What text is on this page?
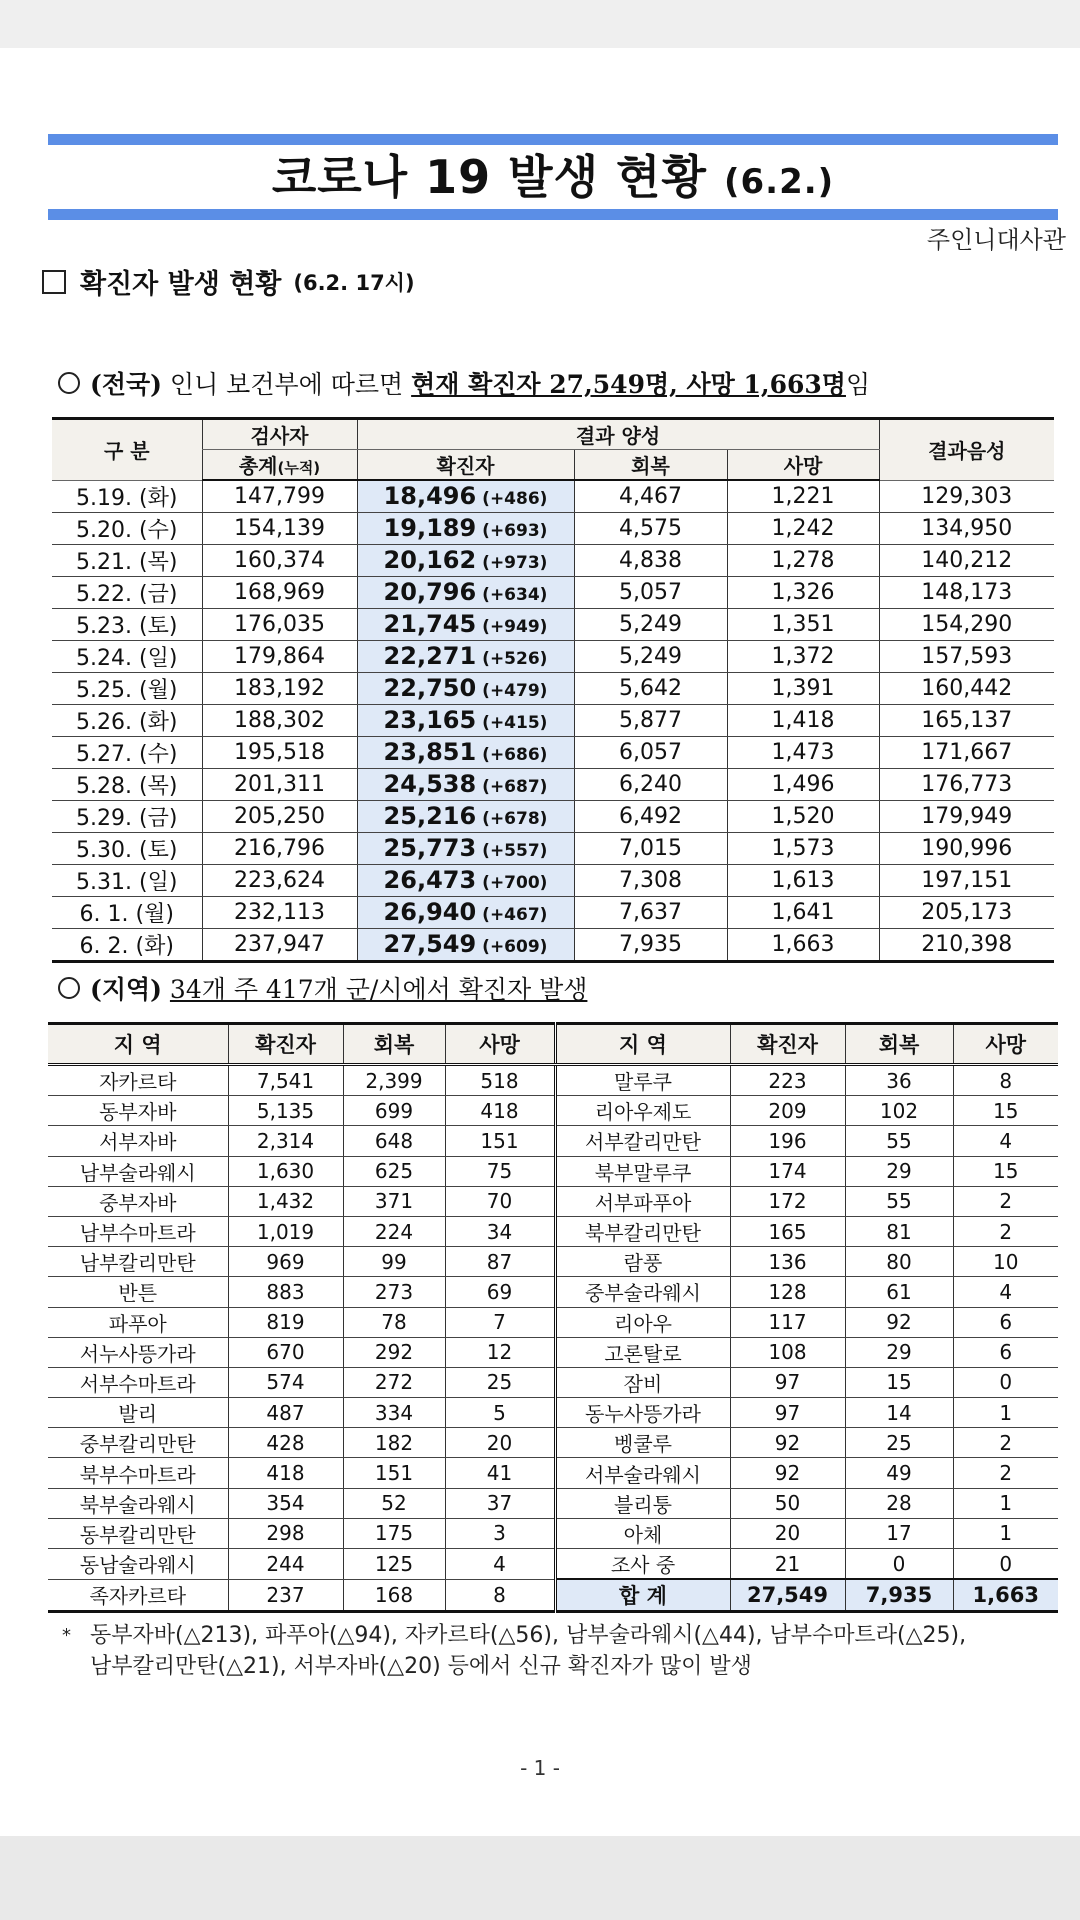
코로나 19 발생 현황 (6.2.)
주인니대사관
확진자 발생 현황 (6.2. 17시)
(전국) 인니 보건부에 따르면 현재 확진자 27,549명, 사망 1,663명임
구 분	검사자	결과 양성			결과음성
	총계(누적)	확진자	회복	사망	
5.19. (화)	147,799	18,496 (+486)	4,467	1,221	129,303
5.20. (수)	154,139	19,189 (+693)	4,575	1,242	134,950
5.21. (목)	160,374	20,162 (+973)	4,838	1,278	140,212
5.22. (금)	168,969	20,796 (+634)	5,057	1,326	148,173
5.23. (토)	176,035	21,745 (+949)	5,249	1,351	154,290
5.24. (일)	179,864	22,271 (+526)	5,249	1,372	157,593
5.25. (월)	183,192	22,750 (+479)	5,642	1,391	160,442
5.26. (화)	188,302	23,165 (+415)	5,877	1,418	165,137
5.27. (수)	195,518	23,851 (+686)	6,057	1,473	171,667
5.28. (목)	201,311	24,538 (+687)	6,240	1,496	176,773
5.29. (금)	205,250	25,216 (+678)	6,492	1,520	179,949
5.30. (토)	216,796	25,773 (+557)	7,015	1,573	190,996
5.31. (일)	223,624	26,473 (+700)	7,308	1,613	197,151
6. 1. (월)	232,113	26,940 (+467)	7,637	1,641	205,173
6. 2. (화)	237,947	27,549 (+609)	7,935	1,663	210,398
(지역) 34개 주 417개 군/시에서 확진자 발생
지 역	확진자	회복	사망	지 역	확진자	회복	사망
자카르타	7,541	2,399	518	말루쿠	223	36	8
동부자바	5,135	699	418	리아우제도	209	102	15
서부자바	2,314	648	151	서부칼리만탄	196	55	4
남부술라웨시	1,630	625	75	북부말루쿠	174	29	15
중부자바	1,432	371	70	서부파푸아	172	55	2
남부수마트라	1,019	224	34	북부칼리만탄	165	81	2
남부칼리만탄	969	99	87	람풍	136	80	10
반튼	883	273	69	중부술라웨시	128	61	4
파푸아	819	78	7	리아우	117	92	6
서누사뜽가라	670	292	12	고론탈로	108	29	6
서부수마트라	574	272	25	잠비	97	15	0
발리	487	334	5	동누사뜽가라	97	14	1
중부칼리만탄	428	182	20	벵쿨루	92	25	2
북부수마트라	418	151	41	서부술라웨시	92	49	2
북부술라웨시	354	52	37	블리퉁	50	28	1
동부칼리만탄	298	175	3	아체	20	17	1
동남술라웨시	244	125	4	조사 중	21	0	0
족자카르타	237	168	8	합 계	27,549	7,935	1,663
* 동부자바(△213), 파푸아(△94), 자카르타(△56), 남부술라웨시(△44), 남부수마트라(△25),
남부칼리만탄(△21), 서부자바(△20) 등에서 신규 확진자가 많이 발생
- 1 -
